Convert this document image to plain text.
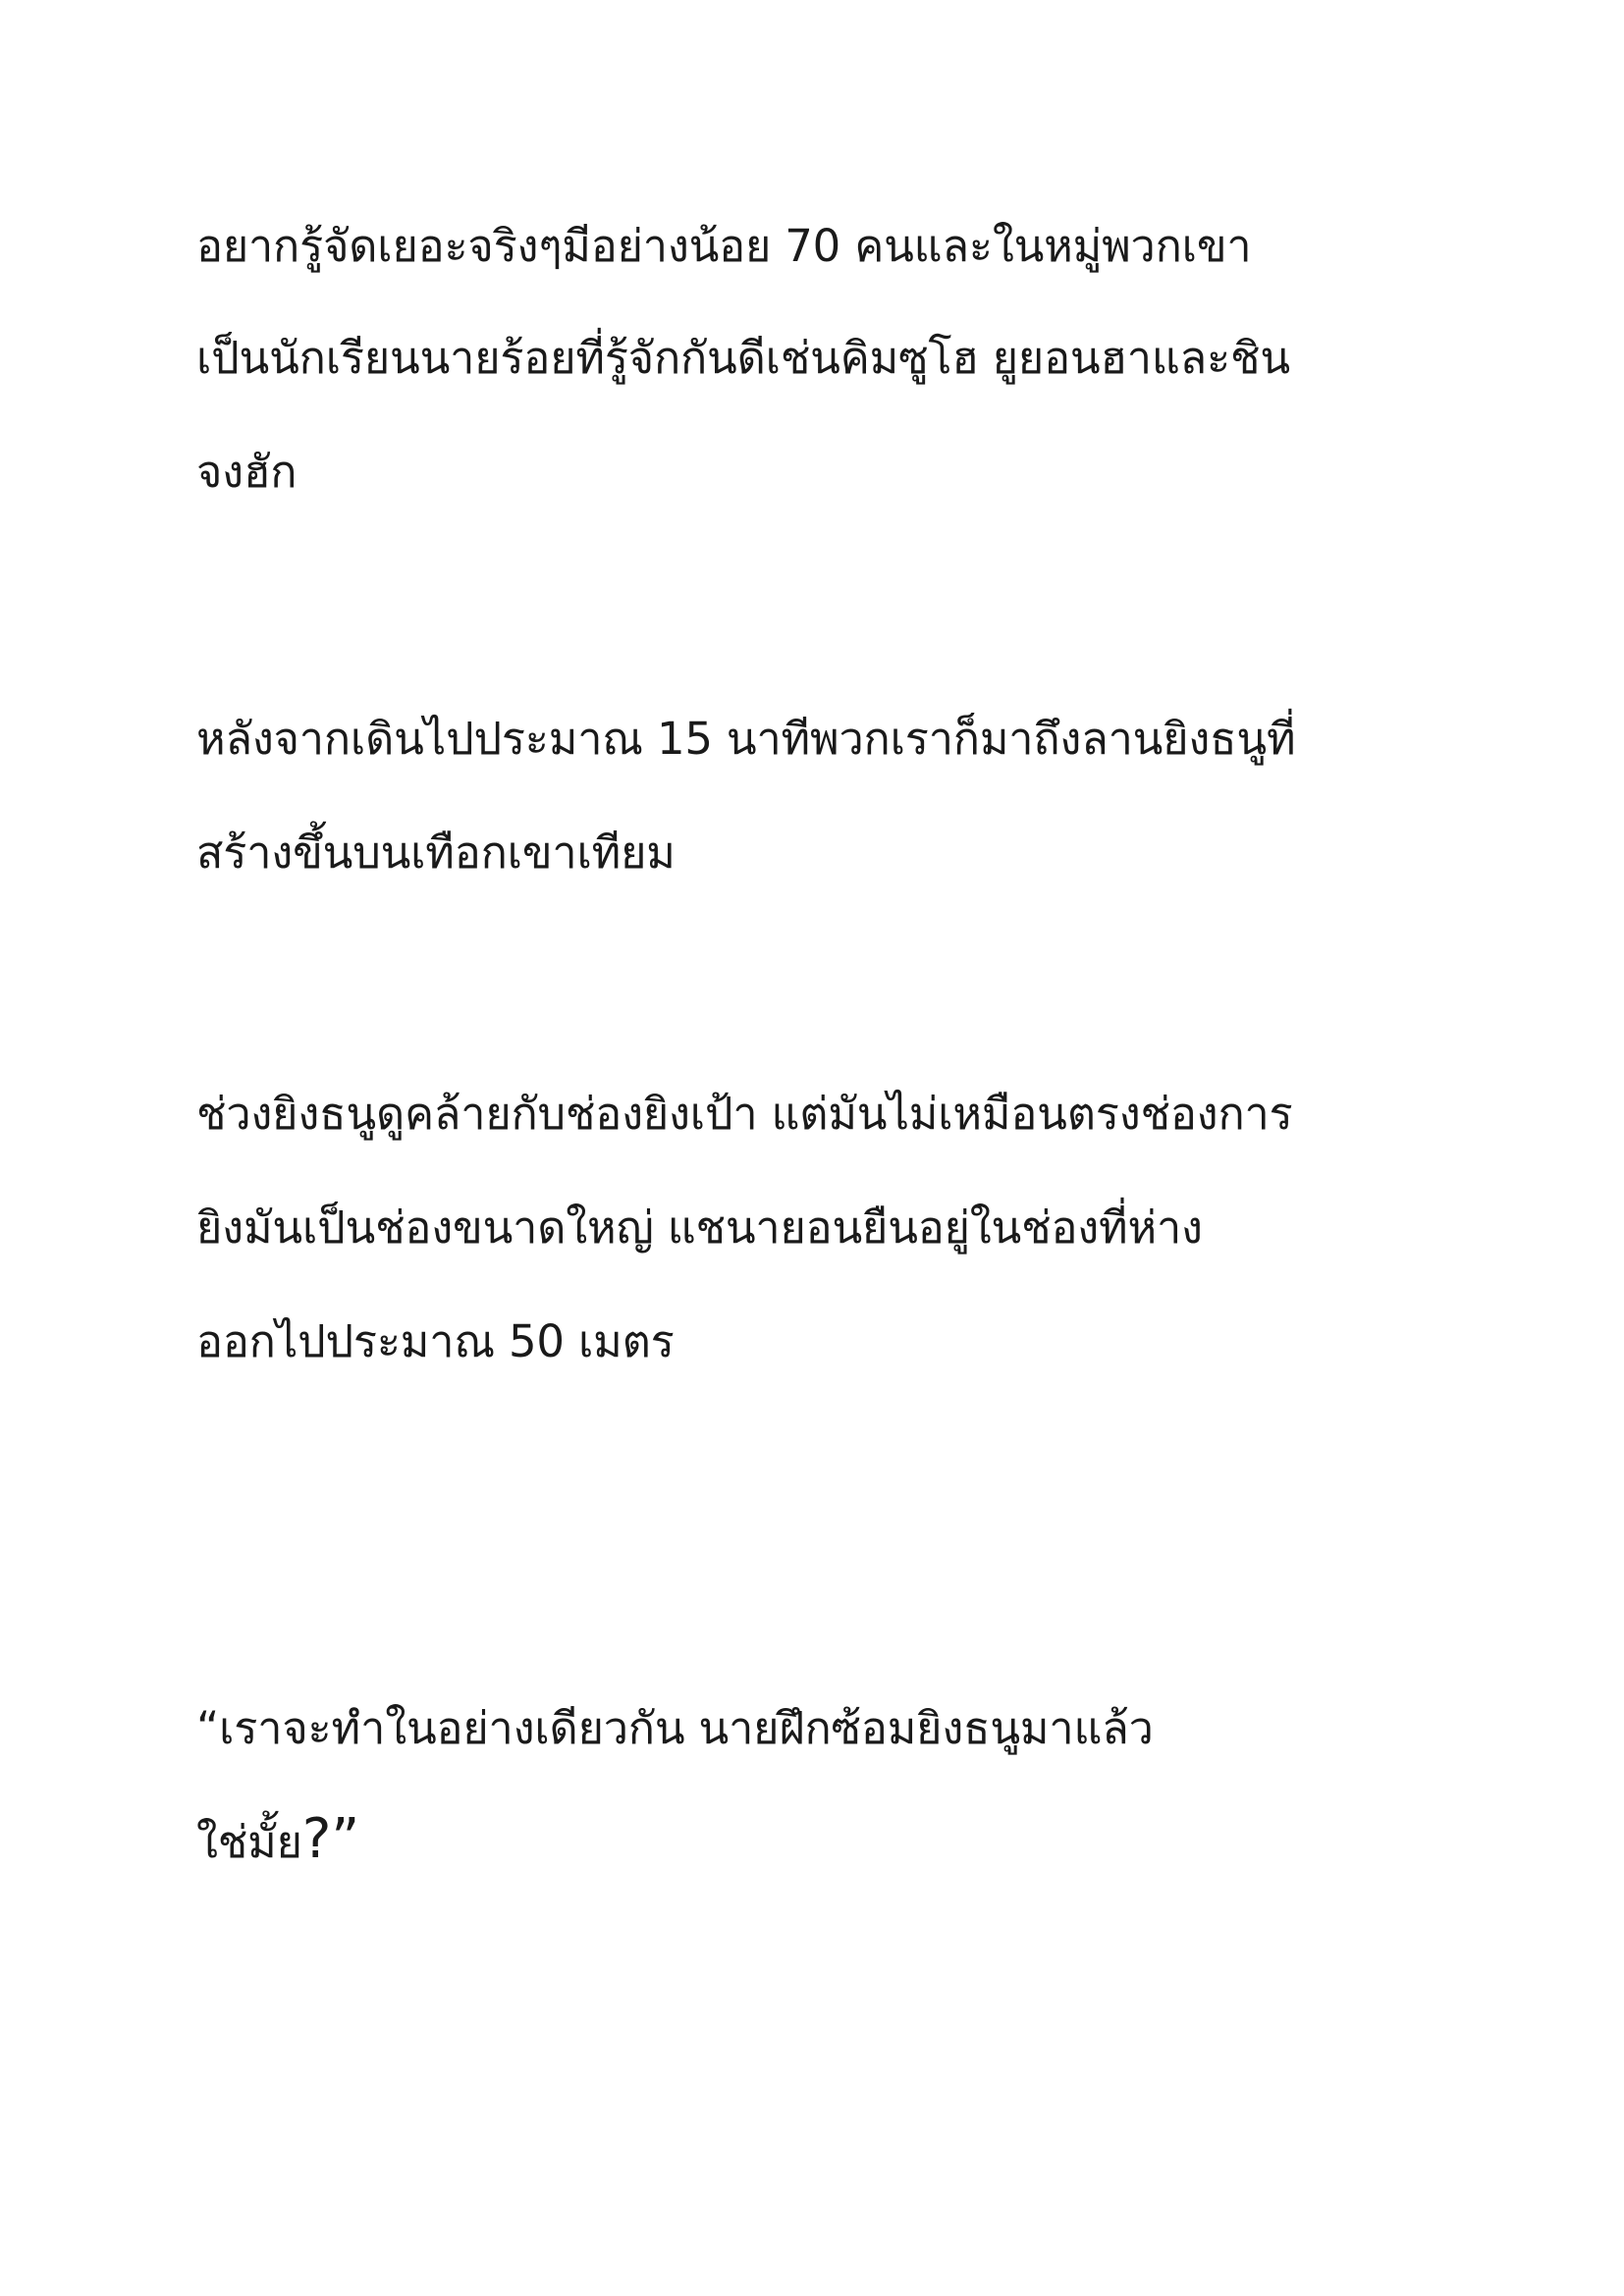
อยากรู้จัดเยอะจริงๆมีอย่างน้อย 70 คนและในหมู่พวกเขา
เป็นนักเรียนนายร้อยที่รู้จักกันดีเช่นคิมซูโฮ ยูยอนฮาและชิน
จงฮัก
หลังจากเดินไปประมาณ 15 นาทีพวกเราก็มาถึงลานยิงธนูที่
สร้างขึ้นบนเทือกเขาเทียม
ช่วงยิงธนูดูคล้ายกับช่องยิงเป้า แต่มันไม่เหมือนตรงช่องการ
ยิงมันเป็นช่องขนาดใหญ่ แชนายอนยืนอยู่ในช่องที่ห่าง
ออกไปประมาณ 50 เมตร
“เราจะทำในอย่างเดียวกัน นายฝึกซ้อมยิงธนูมาแล้ว
ใช่มั้ย?”
